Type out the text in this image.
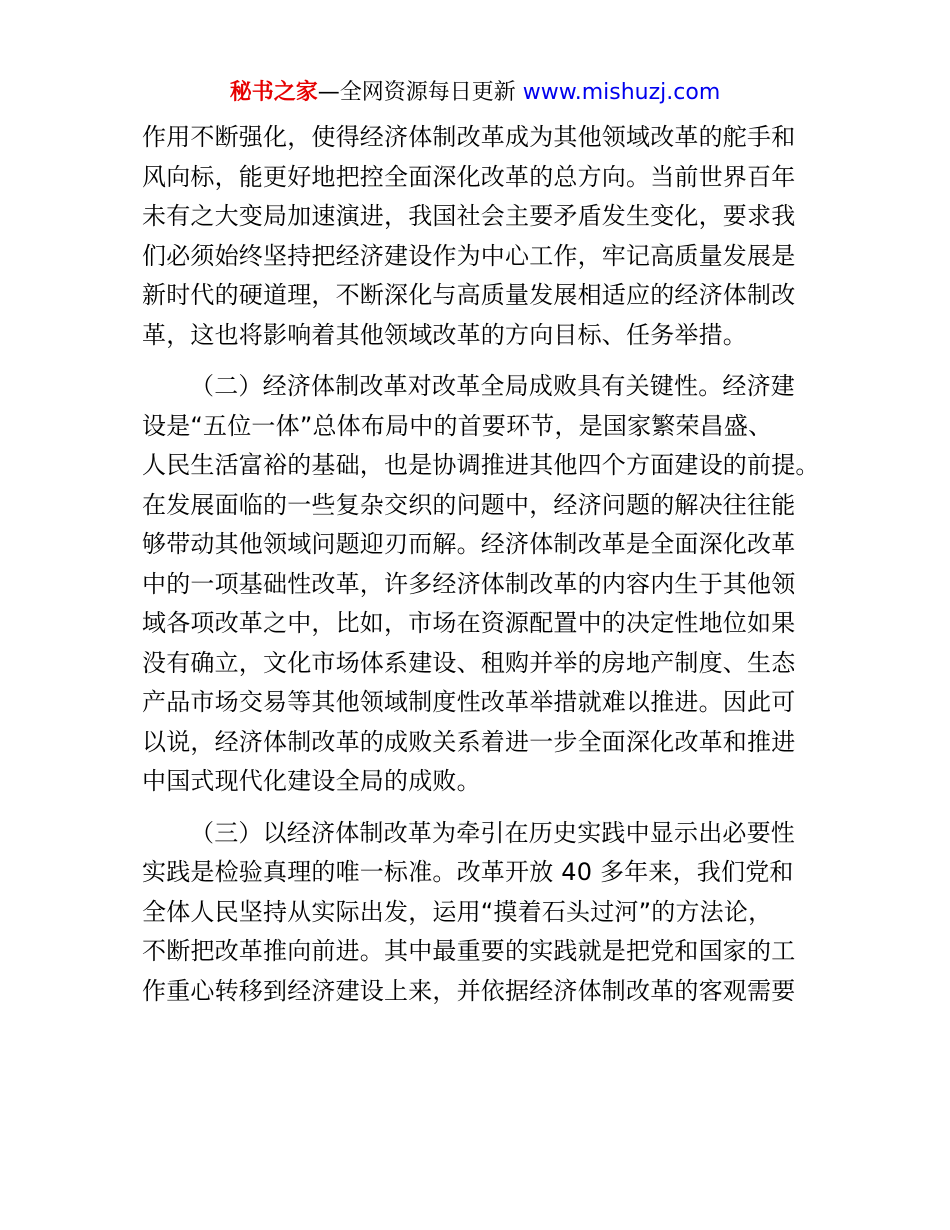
秘书之家—全网资源每日更新 www.mishuzj.com
作用不断强化，使得经济体制改革成为其他领域改革的舵手和
风向标，能更好地把控全面深化改革的总方向。当前世界百年
未有之大变局加速演进，我国社会主要矛盾发生变化，要求我
们必须始终坚持把经济建设作为中心工作，牢记高质量发展是
新时代的硬道理，不断深化与高质量发展相适应的经济体制改
革，这也将影响着其他领域改革的方向目标、任务举措。
（二）经济体制改革对改革全局成败具有关键性。经济建
设是“五位一体”总体布局中的首要环节，是国家繁荣昌盛、
人民生活富裕的基础，也是协调推进其他四个方面建设的前提。
在发展面临的一些复杂交织的问题中，经济问题的解决往往能
够带动其他领域问题迎刃而解。经济体制改革是全面深化改革
中的一项基础性改革，许多经济体制改革的内容内生于其他领
域各项改革之中，比如，市场在资源配置中的决定性地位如果
没有确立，文化市场体系建设、租购并举的房地产制度、生态
产品市场交易等其他领域制度性改革举措就难以推进。因此可
以说，经济体制改革的成败关系着进一步全面深化改革和推进
中国式现代化建设全局的成败。
（三）以经济体制改革为牵引在历史实践中显示出必要性
实践是检验真理的唯一标准。改革开放 40 多年来，我们党和
全体人民坚持从实际出发，运用“摸着石头过河”的方法论，
不断把改革推向前进。其中最重要的实践就是把党和国家的工
作重心转移到经济建设上来，并依据经济体制改革的客观需要
